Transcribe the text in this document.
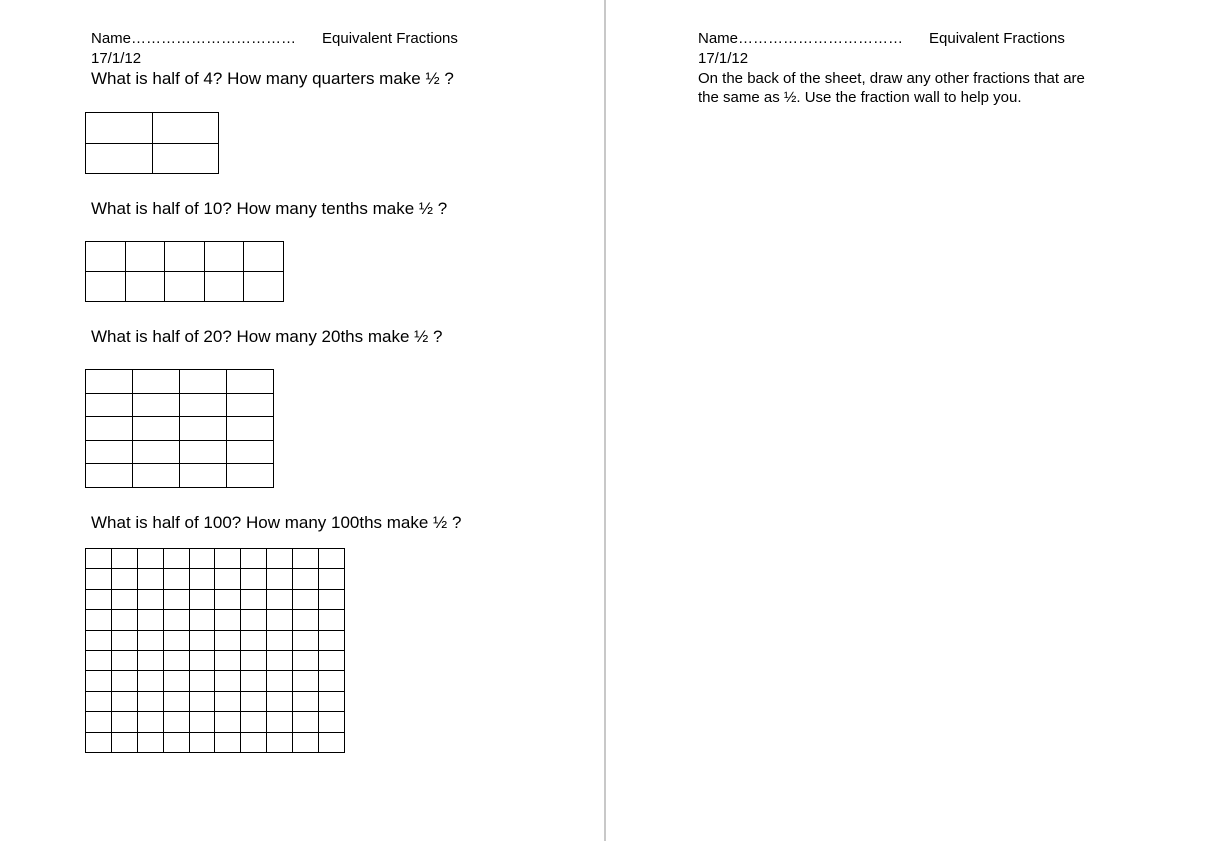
Name…………………………… Equivalent Fractions
17/1/12
What is half of 4? How many quarters make ½ ?

What is half of 10? How many tenths make ½ ?

What is half of 20? How many 20ths make ½ ?

What is half of 100? How many 100ths make ½ ?

Name…………………………… Equivalent Fractions
17/1/12
On the back of the sheet, draw any other fractions that are
the same as ½. Use the fraction wall to help you.
